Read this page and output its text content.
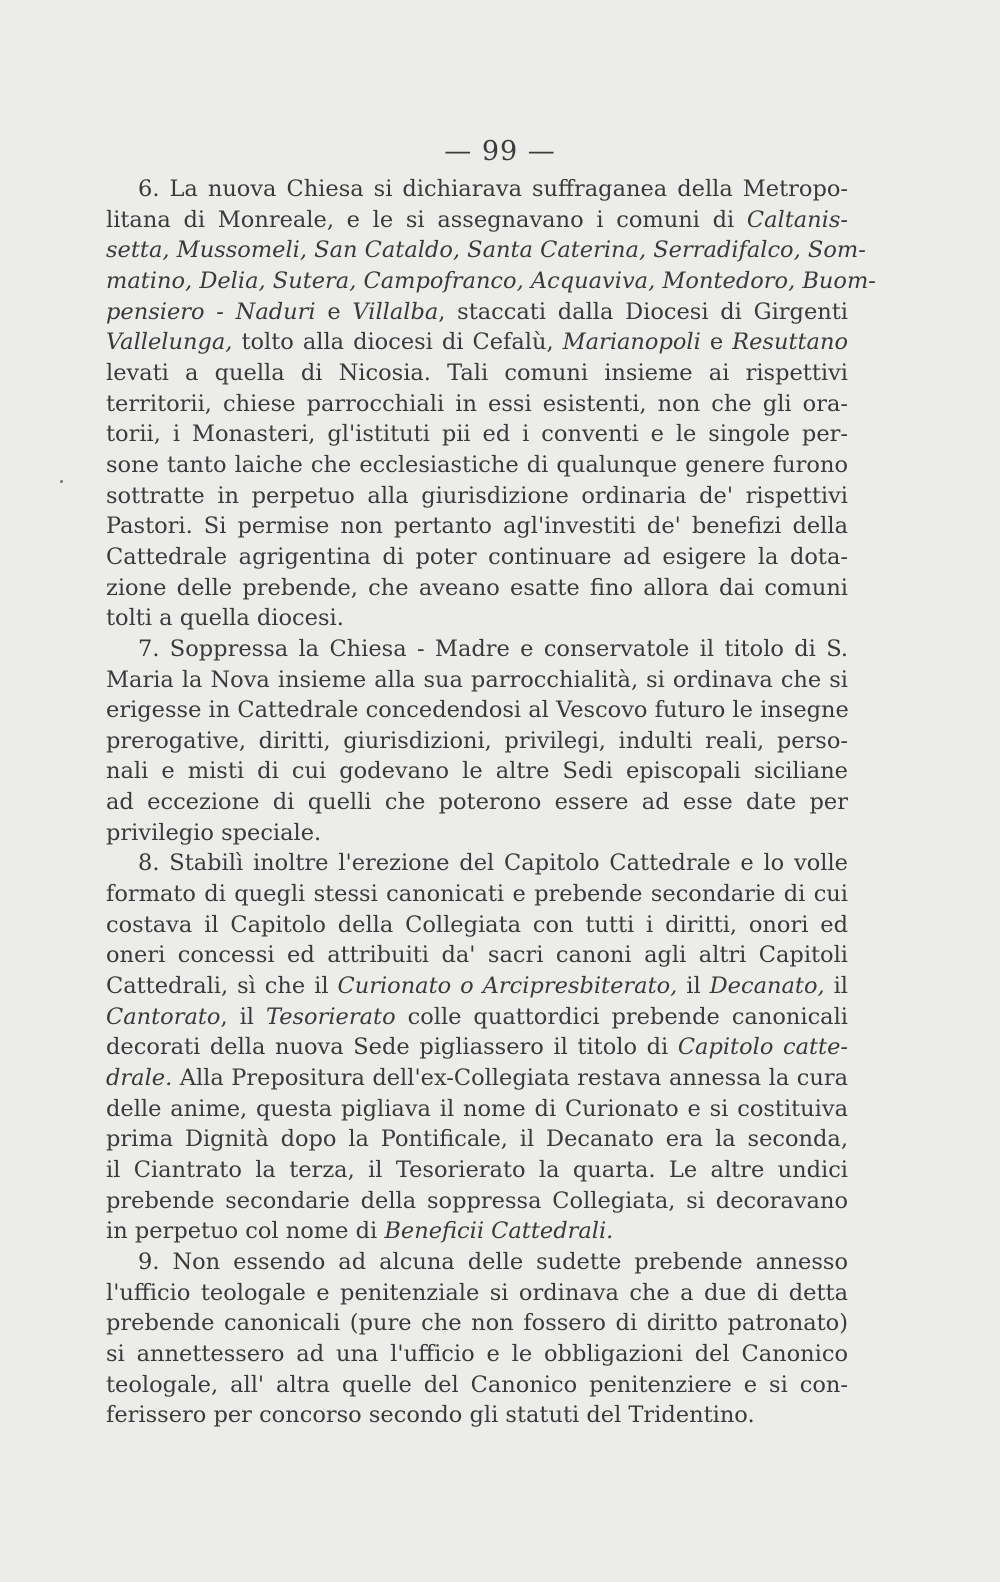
— 99 —
6. La nuova Chiesa si dichiarava suffraganea della Metropo-
litana di Monreale, e le si assegnavano i comuni di Caltanis-
setta, Mussomeli, San Cataldo, Santa Caterina, Serradifalco, Som-
matino, Delia, Sutera, Campofranco, Acquaviva, Montedoro, Buom-
pensiero - Naduri e Villalba, staccati dalla Diocesi di Girgenti
Vallelunga, tolto alla diocesi di Cefalù, Marianopoli e Resuttano
levati a quella di Nicosia. Tali comuni insieme ai rispettivi
territorii, chiese parrocchiali in essi esistenti, non che gli ora-
torii, i Monasteri, gl'istituti pii ed i conventi e le singole per-
sone tanto laiche che ecclesiastiche di qualunque genere furono
sottratte in perpetuo alla giurisdizione ordinaria de' rispettivi
Pastori. Si permise non pertanto agl'investiti de' benefizi della
Cattedrale agrigentina di poter continuare ad esigere la dota-
zione delle prebende, che aveano esatte fino allora dai comuni
tolti a quella diocesi.
7. Soppressa la Chiesa - Madre e conservatole il titolo di S.
Maria la Nova insieme alla sua parrocchialità, si ordinava che si
erigesse in Cattedrale concedendosi al Vescovo futuro le insegne
prerogative, diritti, giurisdizioni, privilegi, indulti reali, perso-
nali e misti di cui godevano le altre Sedi episcopali siciliane
ad eccezione di quelli che poterono essere ad esse date per
privilegio speciale.
8. Stabilì inoltre l'erezione del Capitolo Cattedrale e lo volle
formato di quegli stessi canonicati e prebende secondarie di cui
costava il Capitolo della Collegiata con tutti i diritti, onori ed
oneri concessi ed attribuiti da' sacri canoni agli altri Capitoli
Cattedrali, sì che il Curionato o Arcipresbiterato, il Decanato, il
Cantorato, il Tesorierato colle quattordici prebende canonicali
decorati della nuova Sede pigliassero il titolo di Capitolo catte-
drale. Alla Prepositura dell'ex-Collegiata restava annessa la cura
delle anime, questa pigliava il nome di Curionato e si costituiva
prima Dignità dopo la Pontificale, il Decanato era la seconda,
il Ciantrato la terza, il Tesorierato la quarta. Le altre undici
prebende secondarie della soppressa Collegiata, si decoravano
in perpetuo col nome di Beneficii Cattedrali.
9. Non essendo ad alcuna delle sudette prebende annesso
l'ufficio teologale e penitenziale si ordinava che a due di detta
prebende canonicali (pure che non fossero di diritto patronato)
si annettessero ad una l'ufficio e le obbligazioni del Canonico
teologale, all' altra quelle del Canonico penitenziere e si con-
ferissero per concorso secondo gli statuti del Tridentino.
